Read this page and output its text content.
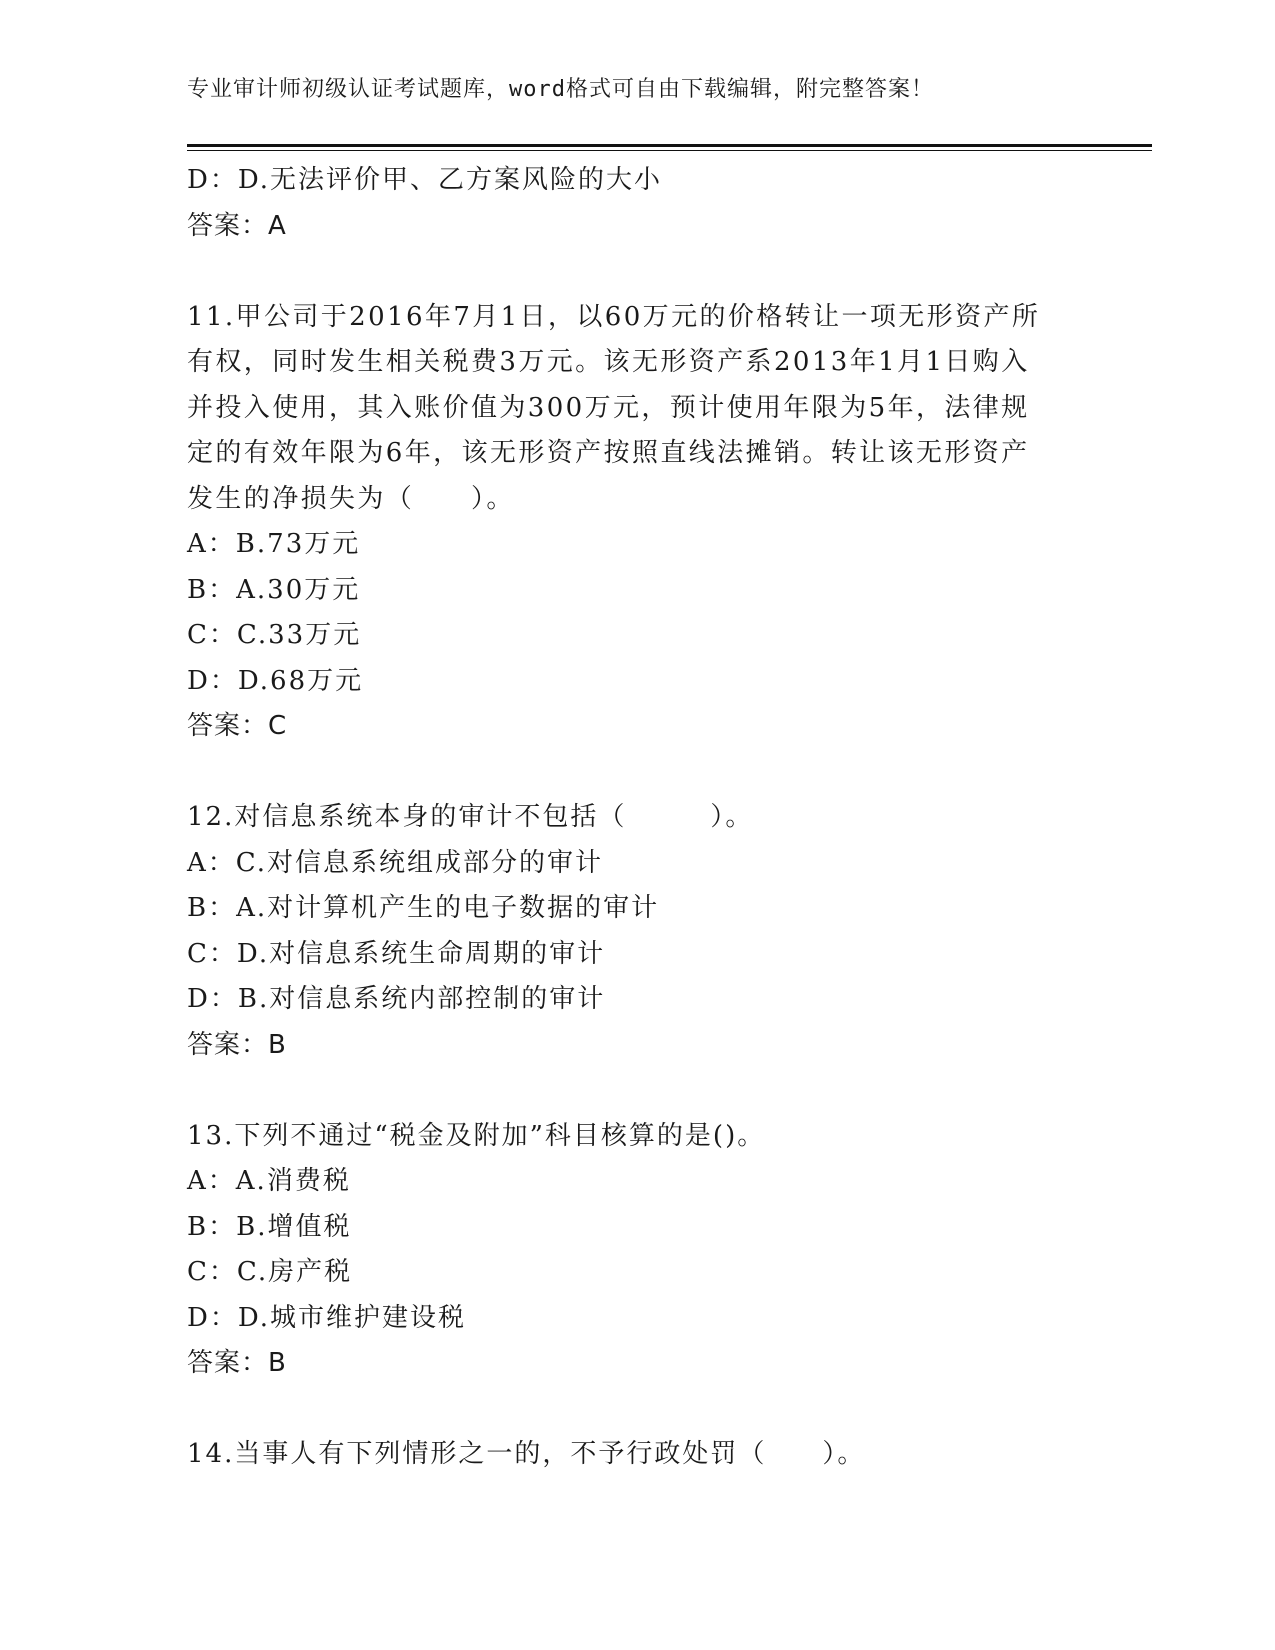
专业审计师初级认证考试题库，word格式可自由下载编辑，附完整答案！
D：D.无法评价甲、乙方案风险的大小
答案：A
11.甲公司于2016年7月1日，以60万元的价格转让一项无形资产所
有权，同时发生相关税费3万元。该无形资产系2013年1月1日购入
并投入使用，其入账价值为300万元，预计使用年限为5年，法律规
定的有效年限为6年，该无形资产按照直线法摊销。转让该无形资产
发生的净损失为（　　）。
A：B.73万元
B：A.30万元
C：C.33万元
D：D.68万元
答案：C
12.对信息系统本身的审计不包括（　　　）。
A：C.对信息系统组成部分的审计
B：A.对计算机产生的电子数据的审计
C：D.对信息系统生命周期的审计
D：B.对信息系统内部控制的审计
答案：B
13.下列不通过“税金及附加”科目核算的是()。
A：A.消费税
B：B.增值税
C：C.房产税
D：D.城市维护建设税
答案：B
14.当事人有下列情形之一的，不予行政处罚（　　）。
